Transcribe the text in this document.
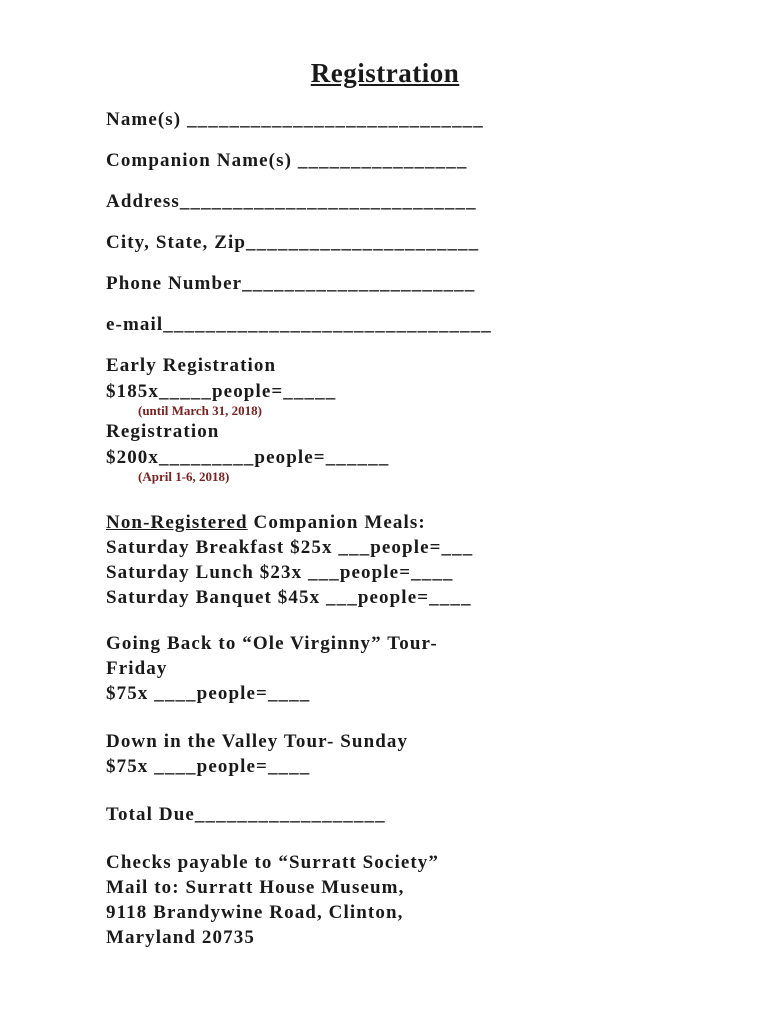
Registration
Name(s) ____________________________
Companion Name(s) ________________
Address____________________________
City, State, Zip______________________
Phone Number______________________
e-mail_______________________________
Early Registration
$185x_____people=_____
(until March 31, 2018)
Registration
$200x_________people=______
(April 1-6, 2018)
Non-Registered Companion Meals:
Saturday Breakfast $25x ___people=___
Saturday Lunch $23x ___people=____
Saturday Banquet $45x ___people=____
Going Back to “Ole Virginny” Tour-
Friday
$75x ____people=____
Down in the Valley Tour- Sunday
$75x ____people=____
Total Due__________________
Checks payable to “Surratt Society”
Mail to: Surratt House Museum,
9118 Brandywine Road, Clinton,
Maryland 20735
